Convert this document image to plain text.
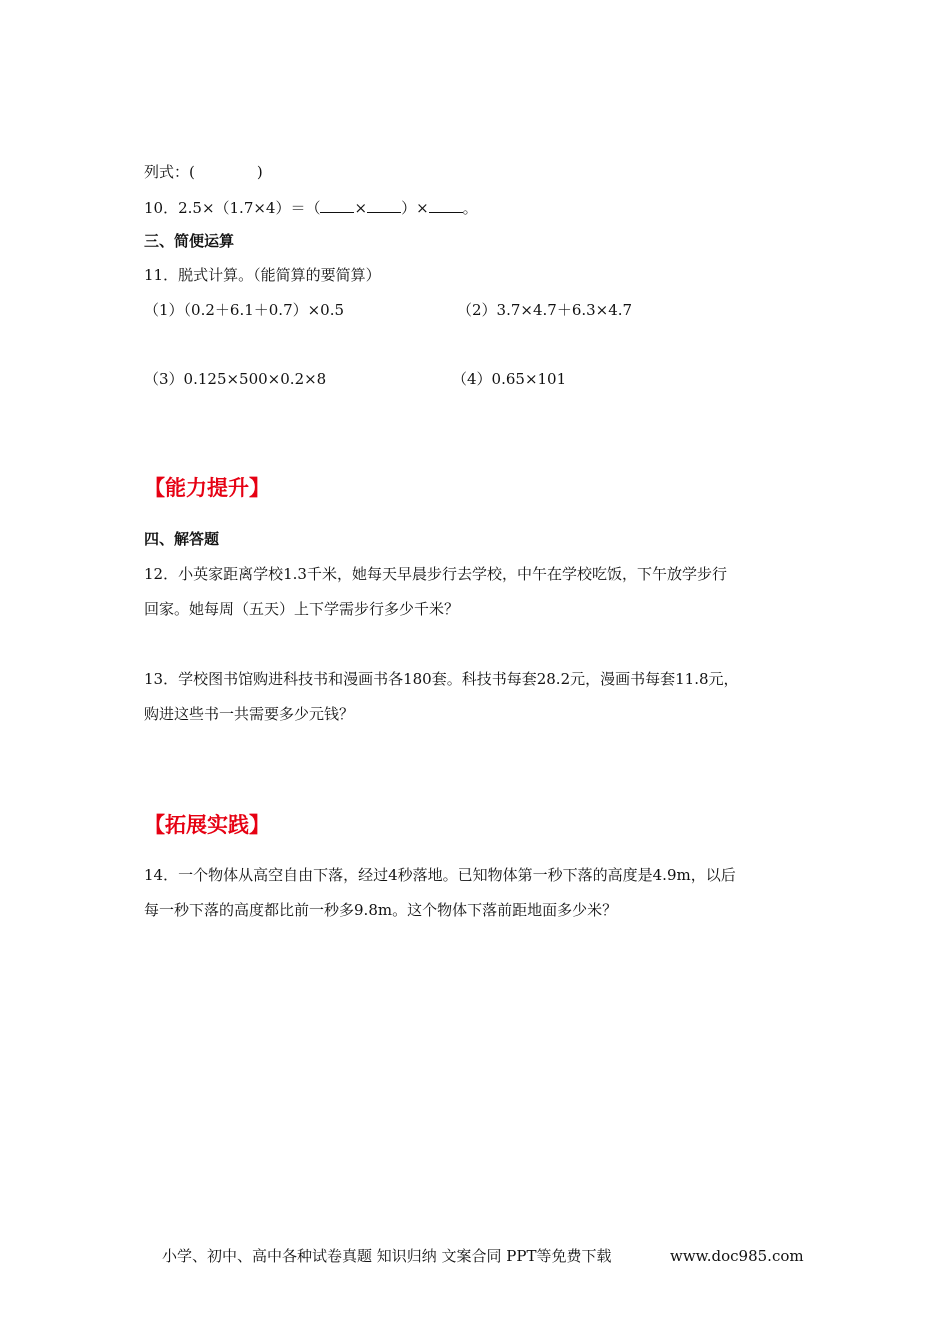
列式：(	)
10．2.5×（1.7×4）＝（ × ）× 。
三、简便运算
11．脱式计算。（能简算的要简算）
（1）（0.2＋6.1＋0.7）×0.5	（2）3.7×4.7＋6.3×4.7
（3）0.125×500×0.2×8	（4）0.65×101
【能力提升】
四、解答题
12．小英家距离学校1.3千米，她每天早晨步行去学校，中午在学校吃饭，下午放学步行
回家。她每周（五天）上下学需步行多少千米？
13．学校图书馆购进科技书和漫画书各180套。科技书每套28.2元，漫画书每套11.8元，
购进这些书一共需要多少元钱？
【拓展实践】
14．一个物体从高空自由下落，经过4秒落地。已知物体第一秒下落的高度是4.9m，以后
每一秒下落的高度都比前一秒多9.8m。这个物体下落前距地面多少米？
小学、初中、高中各种试卷真题 知识归纳 文案合同 PPT等免费下载	www.doc985.com
